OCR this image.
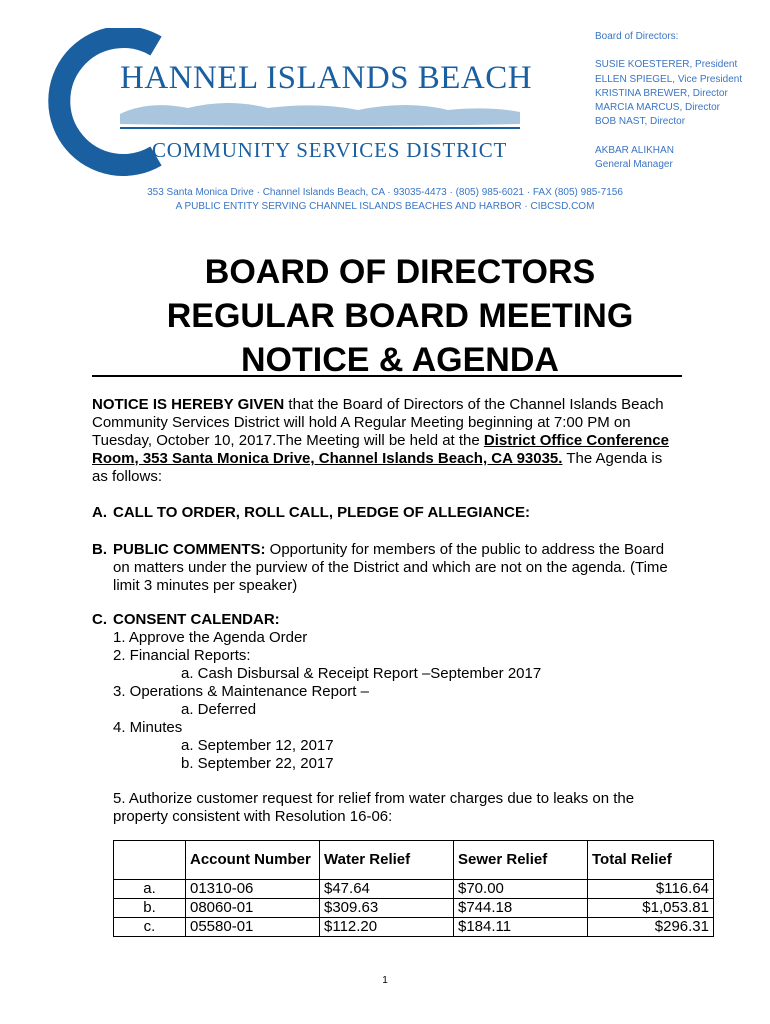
HANNEL ISLANDS BEACH
COMMUNITY SERVICES DISTRICT
Board of Directors:
SUSIE KOESTERER, President
ELLEN SPIEGEL, Vice President
KRISTINA BREWER, Director
MARCIA MARCUS, Director
BOB NAST, Director
AKBAR ALIKHAN
General Manager
353 Santa Monica Drive · Channel Islands Beach, CA · 93035-4473 · (805) 985-6021 · FAX (805) 985-7156
A PUBLIC ENTITY SERVING CHANNEL ISLANDS BEACHES AND HARBOR · CIBCSD.COM
BOARD OF DIRECTORS
REGULAR BOARD MEETING
NOTICE & AGENDA
NOTICE IS HEREBY GIVEN that the Board of Directors of the Channel Islands Beach Community Services District will hold A Regular Meeting beginning at 7:00 PM on Tuesday, October 10, 2017.The Meeting will be held at the District Office Conference Room, 353 Santa Monica Drive, Channel Islands Beach, CA 93035. The Agenda is as follows:
A. CALL TO ORDER, ROLL CALL, PLEDGE OF ALLEGIANCE:
B. PUBLIC COMMENTS: Opportunity for members of the public to address the Board on matters under the purview of the District and which are not on the agenda. (Time limit 3 minutes per speaker)
C. CONSENT CALENDAR:
1. Approve the Agenda Order
2. Financial Reports:
a. Cash Disbursal & Receipt Report –September 2017
3. Operations & Maintenance Report –
a. Deferred
4. Minutes
a. September 12, 2017
b. September 22, 2017
5. Authorize customer request for relief from water charges due to leaks on the
property consistent with Resolution 16-06:
	Account Number	Water Relief	Sewer Relief	Total Relief
a.	01310-06	$47.64	$70.00	$116.64
b.	08060-01	$309.63	$744.18	$1,053.81
c.	05580-01	$112.20	$184.11	$296.31
1
